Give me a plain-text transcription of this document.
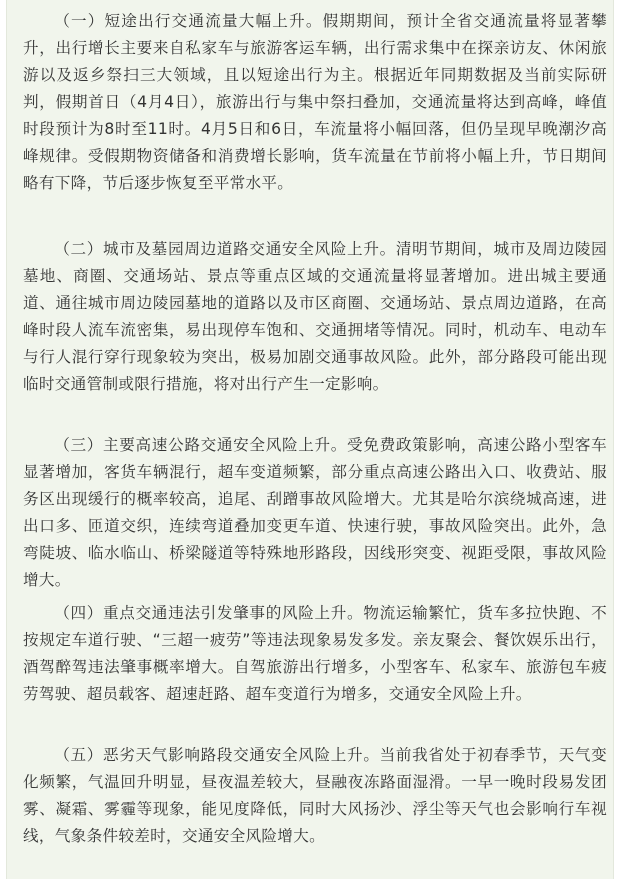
（一）短途出行交通流量大幅上升。假期期间，预计全省交通流量将显著攀升，出行增长主要来自私家车与旅游客运车辆，出行需求集中在探亲访友、休闲旅游以及返乡祭扫三大领域，且以短途出行为主。根据近年同期数据及当前实际研判，假期首日（4月4日），旅游出行与集中祭扫叠加，交通流量将达到高峰，峰值时段预计为8时至11时。4月5日和6日，车流量将小幅回落，但仍呈现早晚潮汐高峰规律。受假期物资储备和消费增长影响，货车流量在节前将小幅上升，节日期间略有下降，节后逐步恢复至平常水平。

（二）城市及墓园周边道路交通安全风险上升。清明节期间，城市及周边陵园墓地、商圈、交通场站、景点等重点区域的交通流量将显著增加。进出城主要通道、通往城市周边陵园墓地的道路以及市区商圈、交通场站、景点周边道路，在高峰时段人流车流密集，易出现停车饱和、交通拥堵等情况。同时，机动车、电动车与行人混行穿行现象较为突出，极易加剧交通事故风险。此外，部分路段可能出现临时交通管制或限行措施，将对出行产生一定影响。

（三）主要高速公路交通安全风险上升。受免费政策影响，高速公路小型客车显著增加，客货车辆混行，超车变道频繁，部分重点高速公路出入口、收费站、服务区出现缓行的概率较高，追尾、刮蹭事故风险增大。尤其是哈尔滨绕城高速，进出口多、匝道交织，连续弯道叠加变更车道、快速行驶，事故风险突出。此外，急弯陡坡、临水临山、桥梁隧道等特殊地形路段，因线形突变、视距受限，事故风险增大。

（四）重点交通违法引发肇事的风险上升。物流运输繁忙，货车多拉快跑、不按规定车道行驶、“三超一疲劳”等违法现象易发多发。亲友聚会、餐饮娱乐出行，酒驾醉驾违法肇事概率增大。自驾旅游出行增多，小型客车、私家车、旅游包车疲劳驾驶、超员载客、超速赶路、超车变道行为增多，交通安全风险上升。

（五）恶劣天气影响路段交通安全风险上升。当前我省处于初春季节，天气变化频繁，气温回升明显，昼夜温差较大，昼融夜冻路面湿滑。一早一晚时段易发团雾、凝霜、雾霾等现象，能见度降低，同时大风扬沙、浮尘等天气也会影响行车视线，气象条件较差时，交通安全风险增大。
